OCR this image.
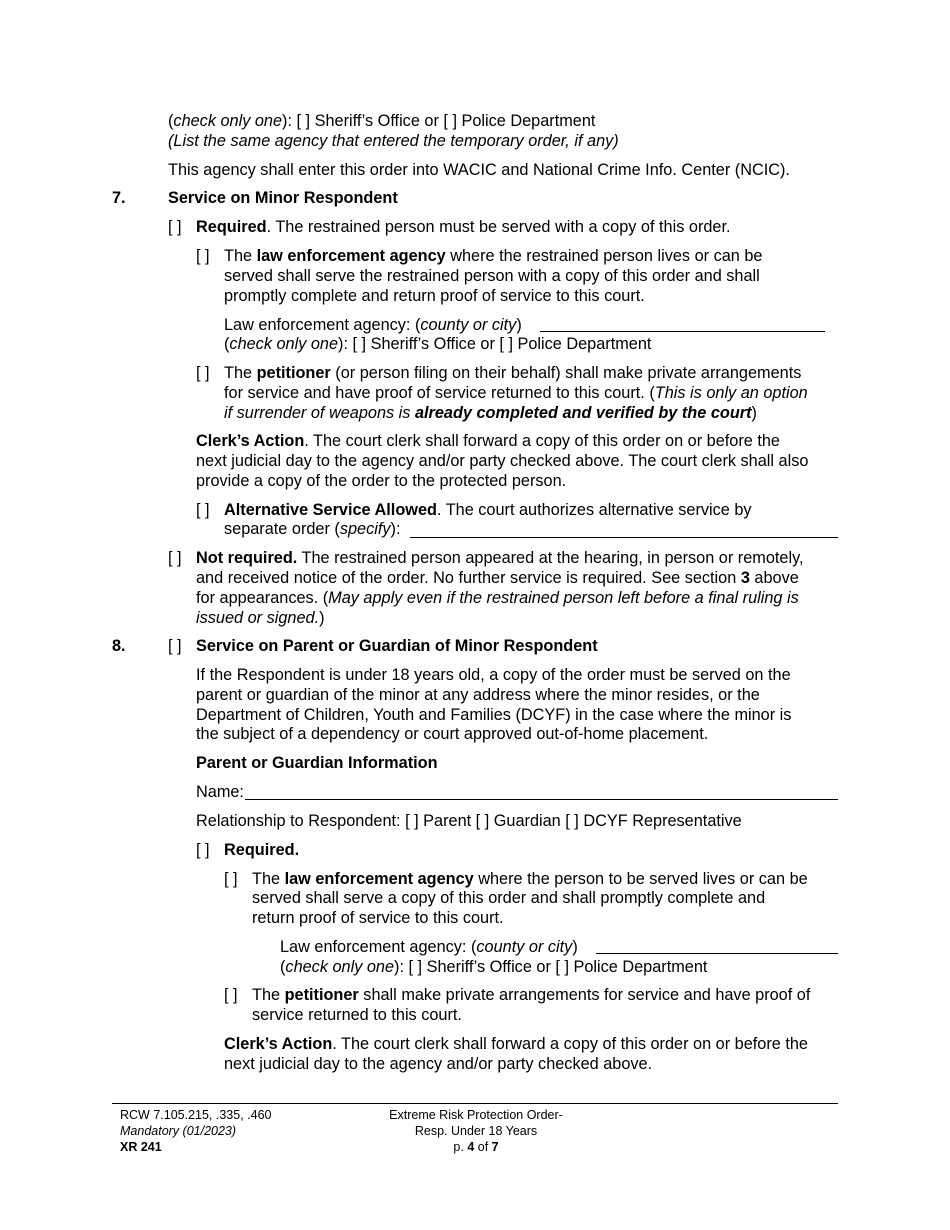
(check only one): [ ] Sheriff’s Office or [ ] Police Department
(List the same agency that entered the temporary order, if any)
This agency shall enter this order into WACIC and National Crime Info. Center (NCIC).
7.	Service on Minor Respondent
[ ] Required. The restrained person must be served with a copy of this order.
[ ] The law enforcement agency where the restrained person lives or can be
served shall serve the restrained person with a copy of this order and shall
promptly complete and return proof of service to this court.
Law enforcement agency: (county or city)
(check only one): [ ] Sheriff’s Office or [ ] Police Department
[ ] The petitioner (or person filing on their behalf) shall make private arrangements
for service and have proof of service returned to this court. (This is only an option
if surrender of weapons is already completed and verified by the court)
Clerk’s Action. The court clerk shall forward a copy of this order on or before the
next judicial day to the agency and/or party checked above. The court clerk shall also
provide a copy of the order to the protected person.
[ ] Alternative Service Allowed. The court authorizes alternative service by
separate order (specify):
[ ] Not required. The restrained person appeared at the hearing, in person or remotely,
and received notice of the order. No further service is required. See section 3 above
for appearances. (May apply even if the restrained person left before a final ruling is
issued or signed.)
8.	[ ] Service on Parent or Guardian of Minor Respondent
If the Respondent is under 18 years old, a copy of the order must be served on the
parent or guardian of the minor at any address where the minor resides, or the
Department of Children, Youth and Families (DCYF) in the case where the minor is
the subject of a dependency or court approved out-of-home placement.
Parent or Guardian Information
Name:
Relationship to Respondent: [ ] Parent [ ] Guardian [ ] DCYF Representative
[ ] Required.
[ ] The law enforcement agency where the person to be served lives or can be
served shall serve a copy of this order and shall promptly complete and
return proof of service to this court.
Law enforcement agency: (county or city)
(check only one): [ ] Sheriff’s Office or [ ] Police Department
[ ] The petitioner shall make private arrangements for service and have proof of
service returned to this court.
Clerk’s Action. The court clerk shall forward a copy of this order on or before the
next judicial day to the agency and/or party checked above.
RCW 7.105.215, .335, .460
Mandatory (01/2023)
XR 241
Extreme Risk Protection Order-
Resp. Under 18 Years
p. 4 of 7
